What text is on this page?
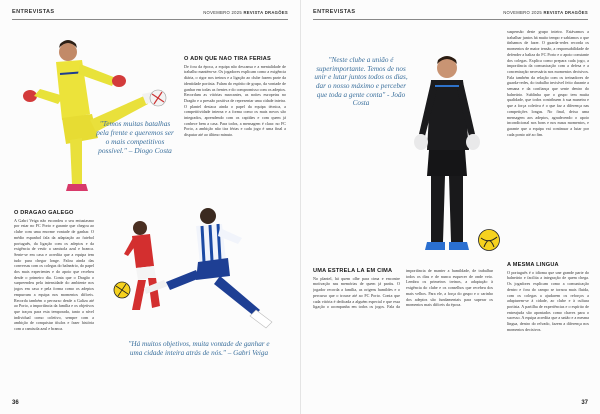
ENTREVISTAS	NOVEMBRO 2025 REVISTA DRAGÕES
"Temos muitas batalhas pela frente e queremos ser o mais competitivos possível." – Diogo Costa
O ADN QUE NÃO TIRA FÉRIAS

De fora da época, a equipa não descansa e a mentalidade de trabalho mantém-se. Os jogadores explicam como a exigência diária, o rigor nos treinos e a ligação ao clube fazem parte da identidade portista. Falam do espírito de grupo, da vontade de ganhar em todas as frentes e do compromisso com os adeptos. Recordam as vitórias marcantes, as noites europeias no Dragão e a pressão positiva de representar uma cidade inteira. O plantel destaca ainda o papel da equipa técnica, a competitividade interna e a forma como os mais novos são integrados, aprendendo com os capitães e com quem já conhece bem a casa. Para todos, a mensagem é clara: no FC Porto, a ambição não tira férias e cada jogo é uma final a disputar até ao último minuto.

O DRAGÃO GALEGO

A Gabri Veiga não escondeu o seu entusiasmo por estar no FC Porto e garante que chegou ao clube com uma enorme vontade de ganhar. O médio espanhol fala da adaptação ao futebol português, da ligação com os adeptos e da exigência de vestir a camisola azul e branca. Sente-se em casa e acredita que a equipa tem tudo para chegar longe. Falou ainda das conversas com os colegas do balneário, do papel dos mais experientes e do apoio que recebeu desde o primeiro dia. Conta que o Dragão o surpreendeu pela intensidade do ambiente nos jogos em casa e pela forma como os adeptos empurram a equipa nos momentos difíceis. Recorda também o percurso desde a Galiza até ao Porto, a importância da família e os objetivos que traçou para esta temporada, tanto a nível individual como coletivo, sempre com a ambição de conquistar títulos e fazer história com a camisola azul e branca.

"Há muitos objetivos, muita vontade de ganhar e uma cidade inteira atrás de nós." – Gabri Veiga
36
ENTREVISTAS	NOVEMBRO 2025 REVISTA DRAGÕES
"Neste clube a união é superimportante. Temos de nos unir e lutar juntos todos os dias, dar o nosso máximo e perceber que toda a gente conta" - João Costa

suspensão deste grupo inteiro. Estávamos a trabalhar juntos há muito tempo e sabíamos o que tínhamos de fazer. O guarda-redes recorda os momentos de maior tensão, a responsabilidade de defender a baliza do FC Porto e o apoio constante dos colegas. Explica como prepara cada jogo, a importância da comunicação com a defesa e a concentração necessária nos momentos decisivos. Fala também da relação com os treinadores de guarda-redes, do trabalho invisível feito durante a semana e da confiança que sente dentro do balneário. Sublinha que o grupo tem muita qualidade, que todos contribuem à sua maneira e que a força coletiva é o que faz a diferença nas competições longas. No final, deixa uma mensagem aos adeptos, agradecendo o apoio incondicional nos bons e nos maus momentos, e garante que a equipa vai continuar a lutar por cada ponto até ao fim.

UMA ESTRELA LÁ EM CIMA

No plantel, há quem olhe para cima e encontre motivação nas memórias de quem já partiu. O jogador recorda a família, as origens humildes e o percurso que o trouxe até ao FC Porto. Conta que cada vitória é dedicada a alguém especial e que essa ligação o acompanha em todos os jogos. Fala da importância de manter a humildade, de trabalhar todos os dias e de nunca esquecer de onde veio. Lembra os primeiros treinos, a adaptação à exigência do clube e os conselhos que recebeu dos mais velhos. Para ele, a força do grupo e o carinho dos adeptos são fundamentais para superar os momentos mais difíceis da época.

A MESMA LÍNGUA

O português é o idioma que une grande parte do balneário e facilita a integração de quem chega. Os jogadores explicam como a comunicação dentro e fora do campo se tornou mais fluida, com os colegas a ajudarem os reforços a adaptarem-se à cidade, ao clube e à cultura portista. A partilha de experiências e o espírito de entreajuda são apontados como chaves para o sucesso. A equipa acredita que a união e a mesma língua, dentro do relvado, fazem a diferença nos momentos decisivos.

37
